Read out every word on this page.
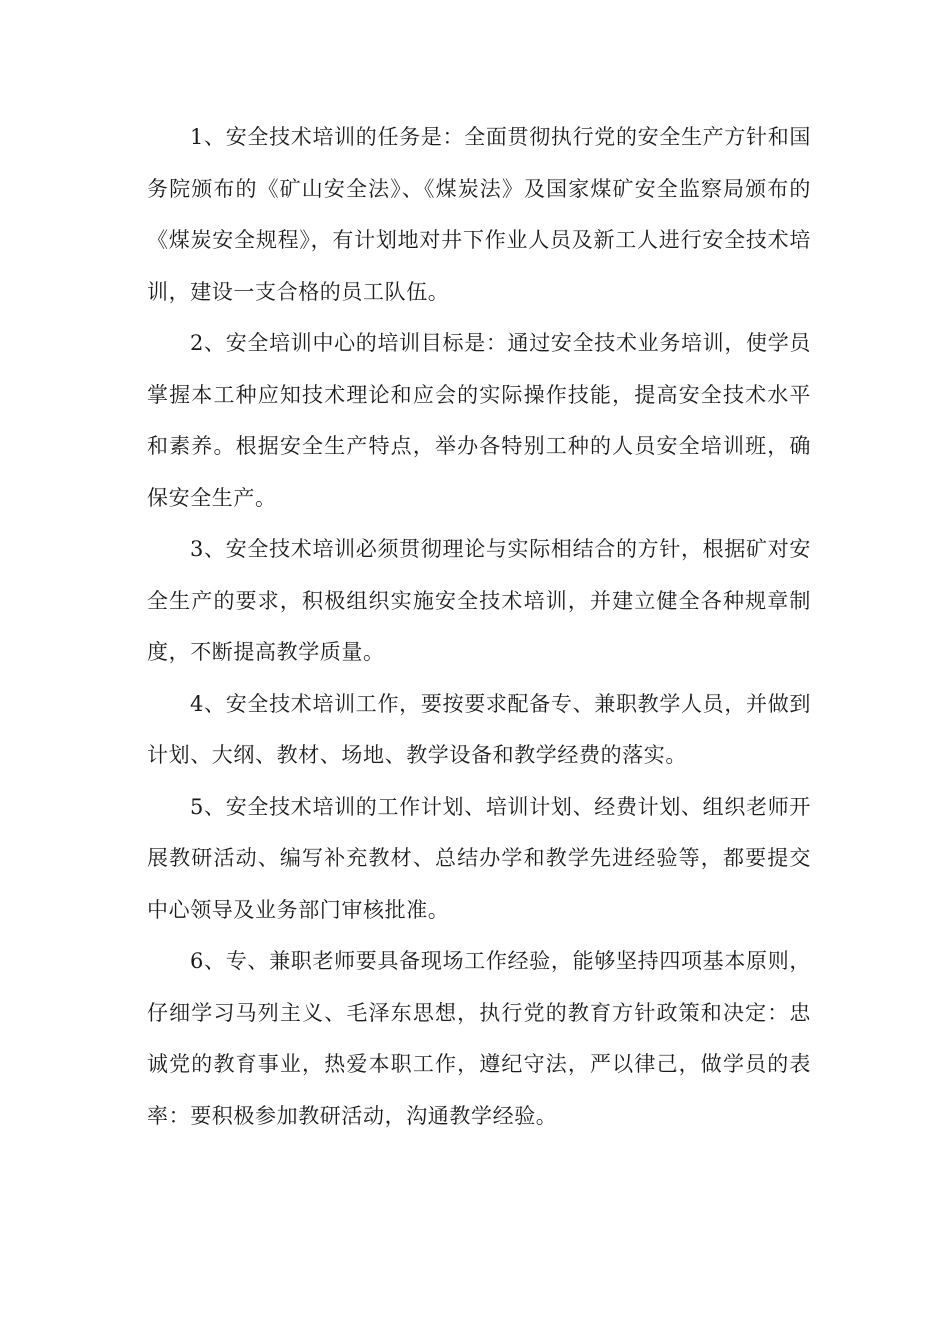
1、安全技术培训的任务是：全面贯彻执行党的安全生产方针和国务院颁布的《矿山安全法》、《煤炭法》及国家煤矿安全监察局颁布的《煤炭安全规程》，有计划地对井下作业人员及新工人进行安全技术培训，建设一支合格的员工队伍。

2、安全培训中心的培训目标是：通过安全技术业务培训，使学员掌握本工种应知技术理论和应会的实际操作技能，提高安全技术水平和素养。根据安全生产特点，举办各特别工种的人员安全培训班，确保安全生产。

3、安全技术培训必须贯彻理论与实际相结合的方针，根据矿对安全生产的要求，积极组织实施安全技术培训，并建立健全各种规章制度，不断提高教学质量。

4、安全技术培训工作，要按要求配备专、兼职教学人员，并做到计划、大纲、教材、场地、教学设备和教学经费的落实。

5、安全技术培训的工作计划、培训计划、经费计划、组织老师开展教研活动、编写补充教材、总结办学和教学先进经验等，都要提交中心领导及业务部门审核批准。

6、专、兼职老师要具备现场工作经验，能够坚持四项基本原则，仔细学习马列主义、毛泽东思想，执行党的教育方针政策和决定：忠诚党的教育事业，热爱本职工作，遵纪守法，严以律己，做学员的表率：要积极参加教研活动，沟通教学经验。
